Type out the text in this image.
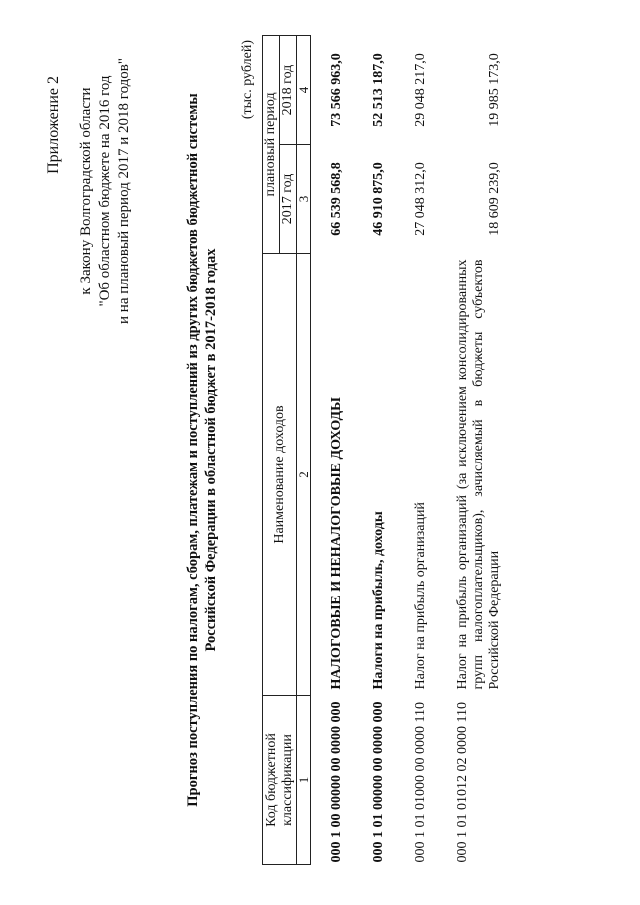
Приложение 2 к Закону Волгоградской области "Об областном бюджете на 2016 год и на плановый период 2017 и 2018 годов"	Прогноз поступления по налогам, сборам, платежам и поступлений из других бюджетов бюджетной системы Российской Федерации в областной бюджет в 2017-2018 годах
(тыс. рублей)
Код бюджетной классификации	Наименование доходов	плановый период	
		2017 год	2018 год
1	2	3	4
000 1 00 00000 00 0000 000	НАЛОГОВЫЕ И НЕНАЛОГОВЫЕ ДОХОДЫ	66 539 568,8	73 566 963,0
000 1 01 00000 00 0000 000	Налоги на прибыль, доходы	46 910 875,0	52 513 187,0
000 1 01 01000 00 0000 110	Налог на прибыль организаций	27 048 312,0	29 048 217,0
000 1 01 01012 02 0000 110	Налог на прибыль организаций (за исключением консолидированных групп налогоплательщиков), зачисляемый в бюджеты субъектов Российской Федерации	18 609 239,0	19 985 173,0
